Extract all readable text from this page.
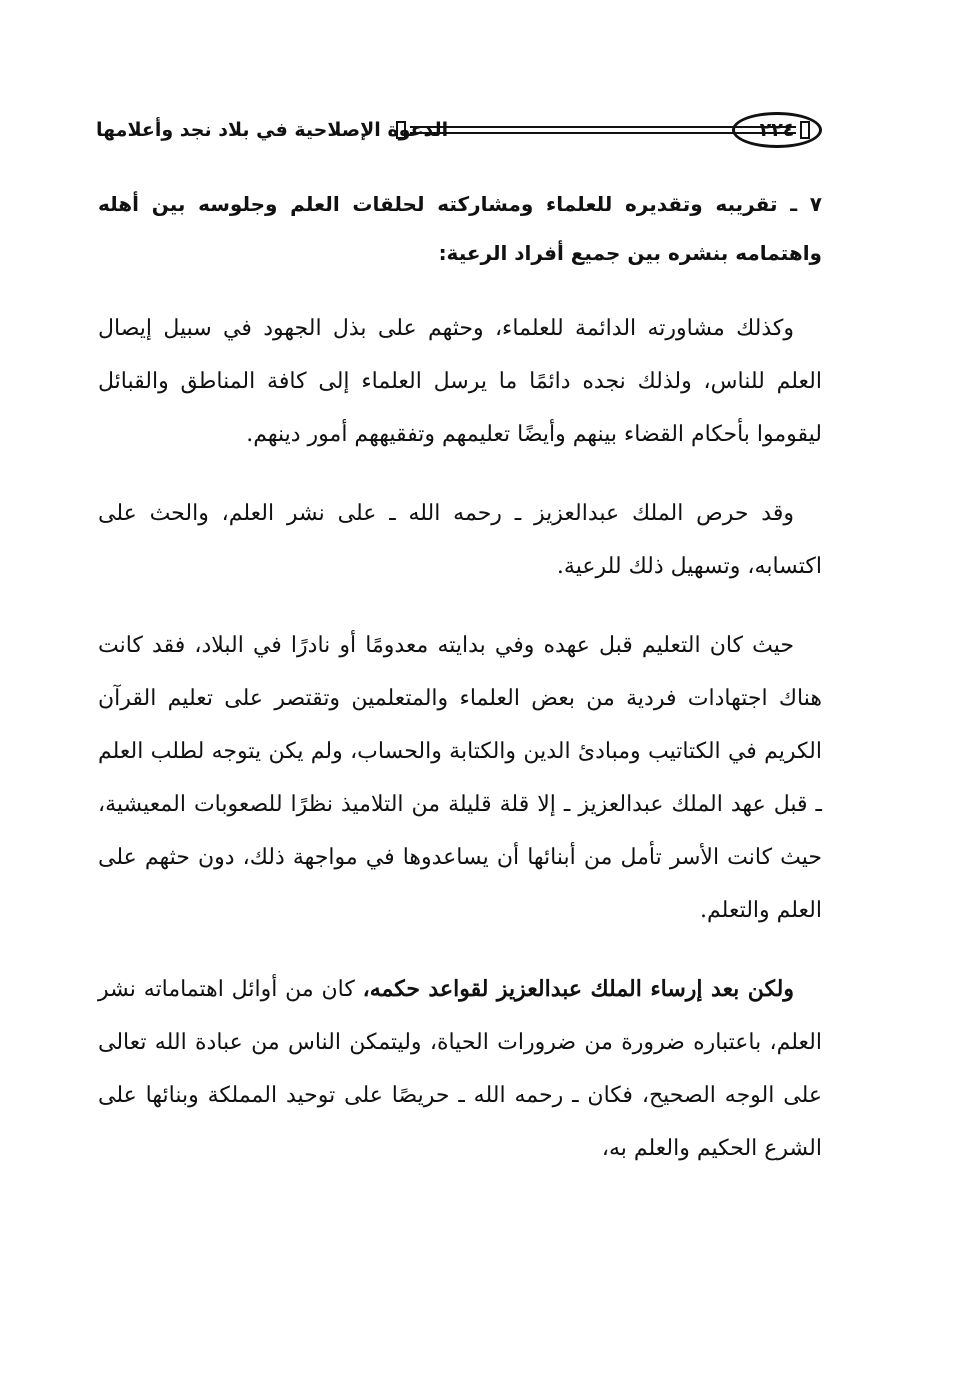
الدعوة الإصلاحية في بلاد نجد وأعلامها	٢٢٤

٧ ـ تقريبه وتقديره للعلماء ومشاركته لحلقات العلم وجلوسه بين أهله واهتمامه بنشره بين جميع أفراد الرعية:

وكذلك مشاورته الدائمة للعلماء، وحثهم على بذل الجهود في سبيل إيصال العلم للناس، ولذلك نجده دائمًا ما يرسل العلماء إلى كافة المناطق والقبائل ليقوموا بأحكام القضاء بينهم وأيضًا تعليمهم وتفقيههم أمور دينهم.

وقد حرص الملك عبدالعزيز ـ رحمه الله ـ على نشر العلم، والحث على اكتسابه، وتسهيل ذلك للرعية.

حيث كان التعليم قبل عهده وفي بدايته معدومًا أو نادرًا في البلاد، فقد كانت هناك اجتهادات فردية من بعض العلماء والمتعلمين وتقتصر على تعليم القرآن الكريم في الكتاتيب ومبادئ الدين والكتابة والحساب، ولم يكن يتوجه لطلب العلم ـ قبل عهد الملك عبدالعزيز ـ إلا قلة قليلة من التلاميذ نظرًا للصعوبات المعيشية، حيث كانت الأسر تأمل من أبنائها أن يساعدوها في مواجهة ذلك، دون حثهم على العلم والتعلم.

ولكن بعد إرساء الملك عبدالعزيز لقواعد حكمه، كان من أوائل اهتماماته نشر العلم، باعتباره ضرورة من ضرورات الحياة، وليتمكن الناس من عبادة الله تعالى على الوجه الصحيح، فكان ـ رحمه الله ـ حريصًا على توحيد المملكة وبنائها على الشرع الحكيم والعلم به،
